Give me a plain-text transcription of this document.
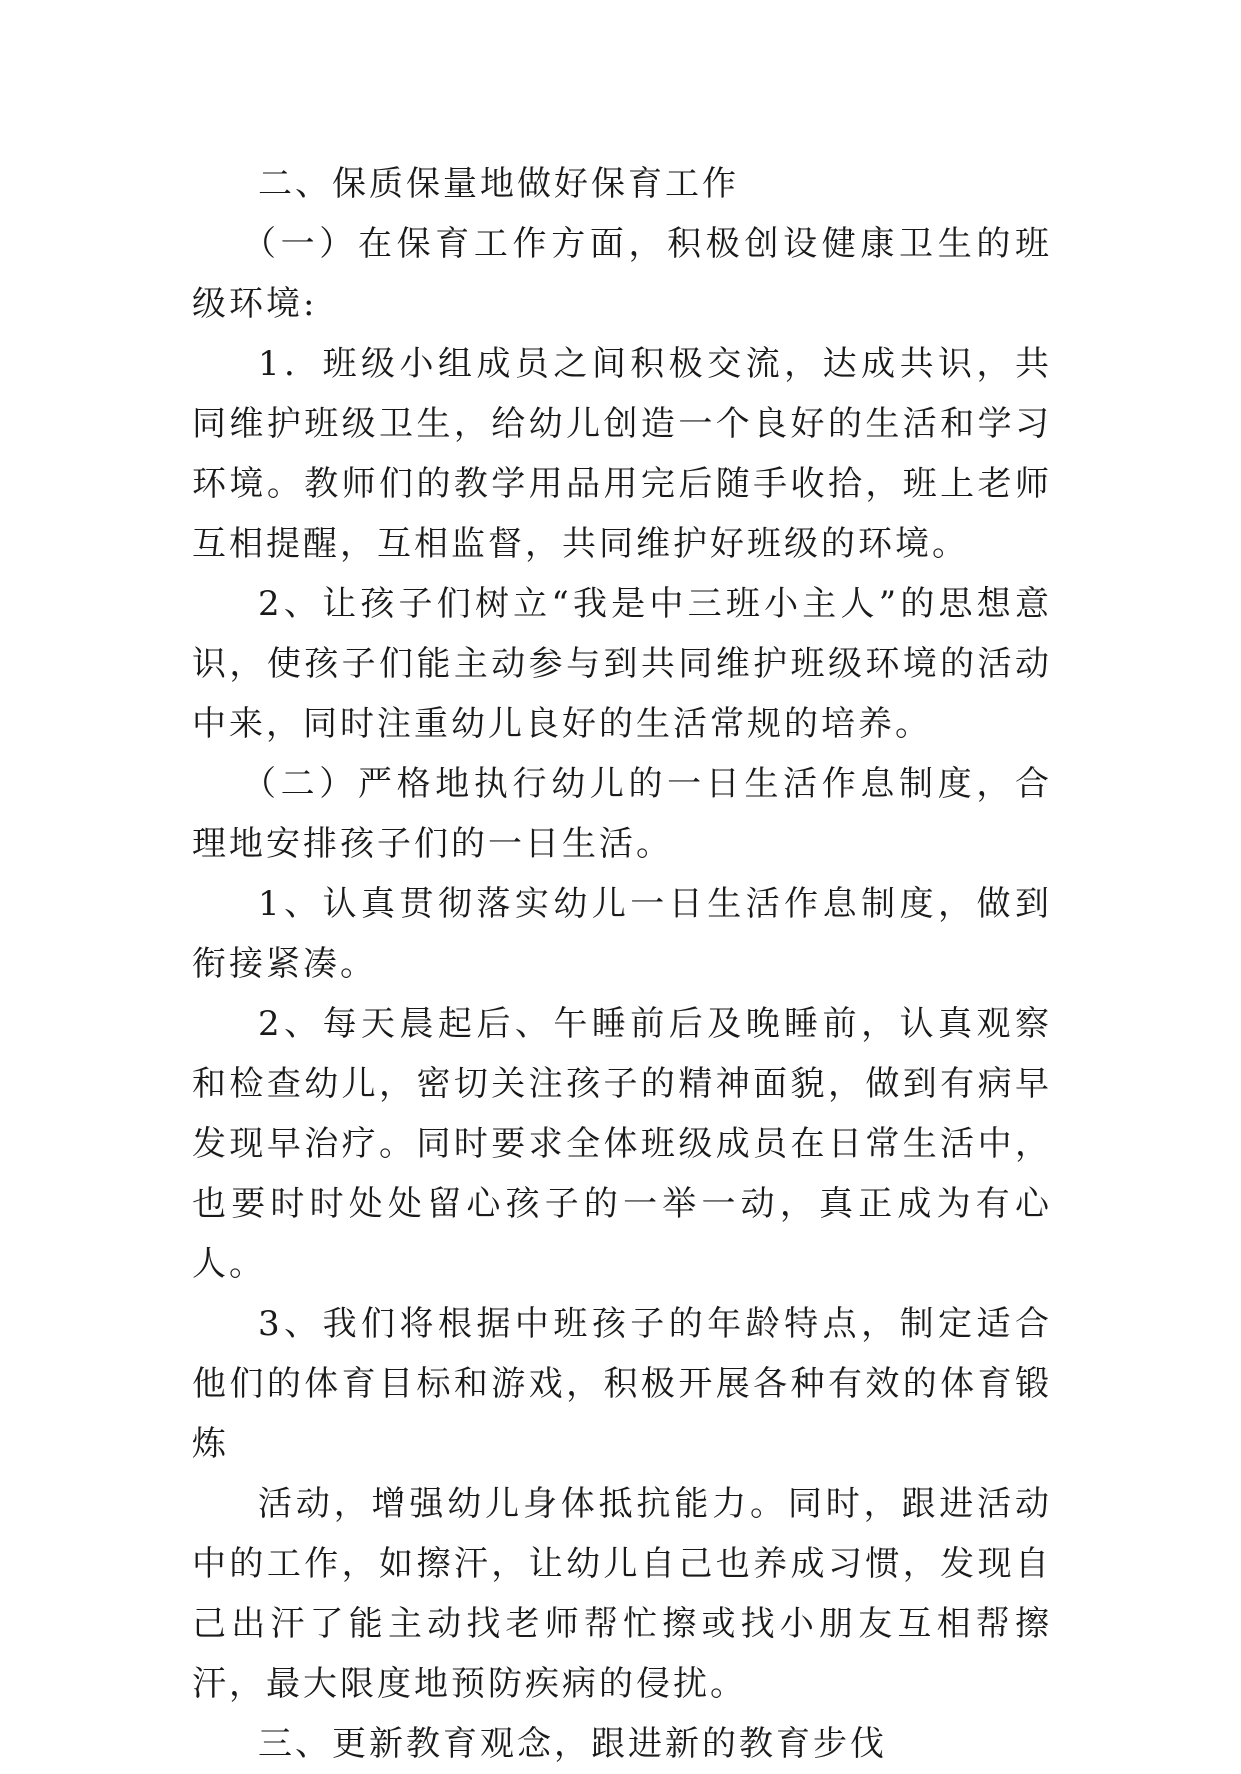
二、保质保量地做好保育工作

（一）在保育工作方面，积极创设健康卫生的班级环境:

1．班级小组成员之间积极交流，达成共识，共同维护班级卫生，给幼儿创造一个良好的生活和学习环境。教师们的教学用品用完后随手收拾，班上老师互相提醒，互相监督，共同维护好班级的环境。

2、让孩子们树立“我是中三班小主人”的思想意识，使孩子们能主动参与到共同维护班级环境的活动中来，同时注重幼儿良好的生活常规的培养。

（二）严格地执行幼儿的一日生活作息制度，合理地安排孩子们的一日生活。

1、认真贯彻落实幼儿一日生活作息制度，做到衔接紧凑。

2、每天晨起后、午睡前后及晚睡前，认真观察和检查幼儿，密切关注孩子的精神面貌，做到有病早发现早治疗。同时要求全体班级成员在日常生活中，也要时时处处留心孩子的一举一动，真正成为有心人。

3、我们将根据中班孩子的年龄特点，制定适合他们的体育目标和游戏，积极开展各种有效的体育锻炼

活动，增强幼儿身体抵抗能力。同时，跟进活动中的工作，如擦汗，让幼儿自己也养成习惯，发现自己出汗了能主动找老师帮忙擦或找小朋友互相帮擦汗，最大限度地预防疾病的侵扰。

三、更新教育观念，跟进新的教育步伐
